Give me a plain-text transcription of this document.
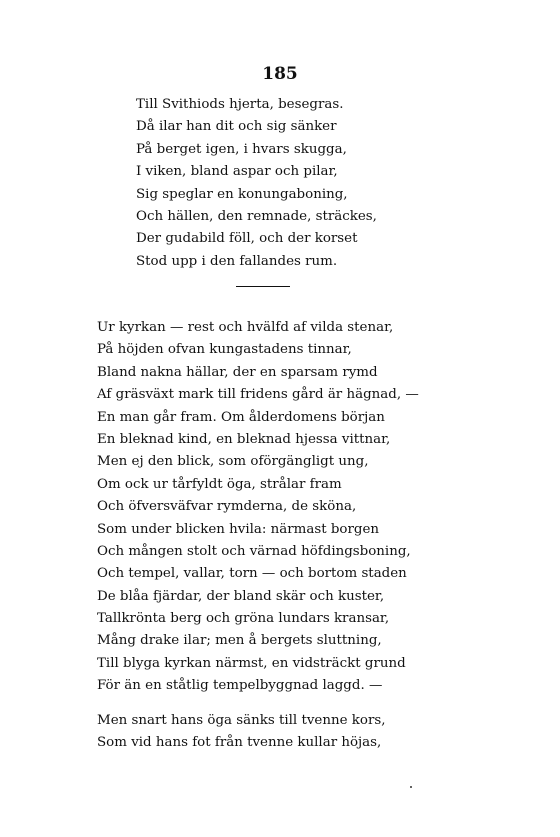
185
Till Svithiods hjerta, besegras.
Då ilar han dit och sig sänker
På berget igen, i hvars skugga,
I viken, bland aspar och pilar,
Sig speglar en konungaboning,
Och hällen, den remnade, sträckes,
Der gudabild föll, och der korset
Stod upp i den fallandes rum.
Ur kyrkan — rest och hvälfd af vilda stenar,
På höjden ofvan kungastadens tinnar,
Bland nakna hällar, der en sparsam rymd
Af gräsväxt mark till fridens gård är hägnad, —
En man går fram. Om ålderdomens början
En bleknad kind, en bleknad hjessa vittnar,
Men ej den blick, som oförgängligt ung,
Om ock ur tårfyldt öga, strålar fram
Och öfversväfvar rymderna, de sköna,
Som under blicken hvila: närmast borgen
Och mången stolt och värnad höfdingsboning,
Och tempel, vallar, torn — och bortom staden
De blåa fjärdar, der bland skär och kuster,
Tallkrönta berg och gröna lundars kransar,
Mång drake ilar; men å bergets sluttning,
Till blyga kyrkan närmst, en vidsträckt grund
För än en ståtlig tempelbyggnad laggd. —
Men snart hans öga sänks till tvenne kors,
Som vid hans fot från tvenne kullar höjas,
